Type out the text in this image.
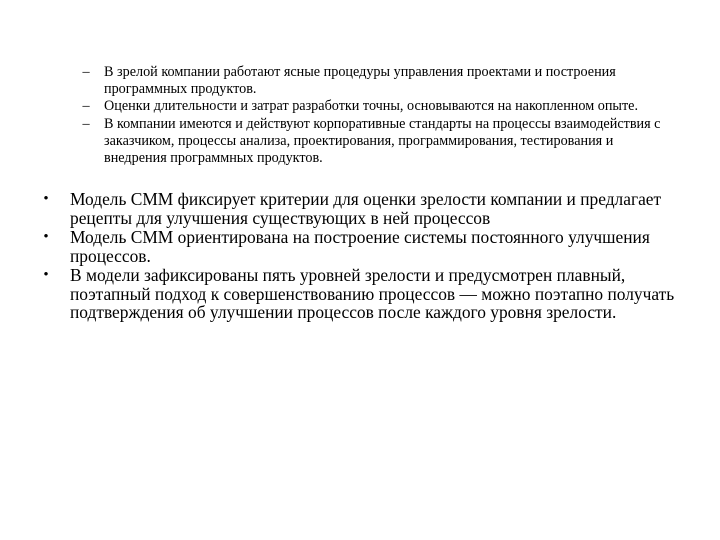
–	В зрелой компании работают ясные процедуры управления проектами и построения программных продуктов.
–	Оценки длительности и затрат разработки точны, основываются на накопленном опыте.
–	В компании имеются и действуют корпоративные стандарты на процессы взаимодействия с заказчиком, процессы анализа, проектирования, программирования, тестирования и внедрения программных продуктов.
•	Модель СММ фиксирует критерии для оценки зрелости компании и предлагает рецепты для улучшения существующих в ней процессов
•	Модель СММ ориентирована на построение системы постоянного улучшения процессов.
•	В модели зафиксированы пять уровней зрелости и предусмотрен плавный, поэтапный подход к совершенствованию процессов — можно поэтапно получать подтверждения об улучшении процессов после каждого уровня зрелости.
